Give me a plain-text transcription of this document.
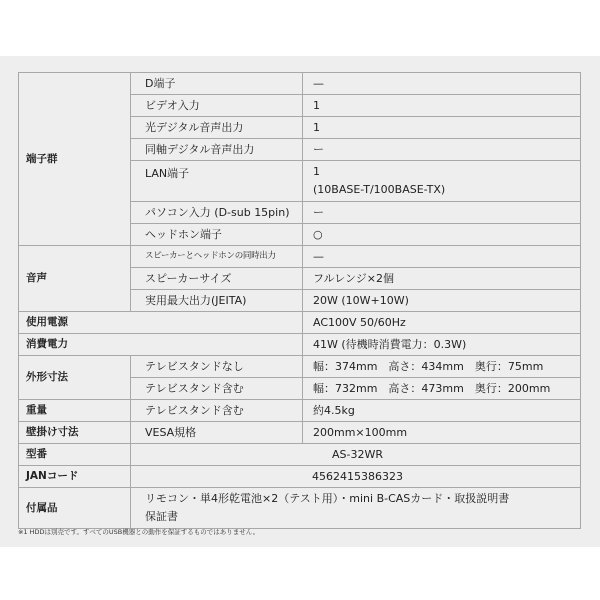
端子群	D端子	—
	ビデオ入力	1
	光デジタル音声出力	1
	同軸デジタル音声出力	ー
	LAN端子	1
(10BASE-T/100BASE-TX)

	パソコン入力 (D-sub 15pin)	ー
	ヘッドホン端子	○
音声	スピーカーとヘッドホンの同時出力	—
	スピーカーサイズ	フルレンジ×2個
	実用最大出力(JEITA)	20W (10W+10W)
使用電源		AC100V 50/60Hz
消費電力		41W (待機時消費電力：0.3W)
外形寸法	テレビスタンドなし	幅：374mm　高さ：434mm　奥行：75mm
	テレビスタンド含む	幅：732mm　高さ：473mm　奥行：200mm
重量	テレビスタンド含む	約4.5kg
壁掛け寸法	VESA規格	200mm×100mm
型番	AS-32WR	
JANコード	4562415386323	
付属品	リモコン・単4形乾電池×2（テスト用）・mini B-CASカード・取扱説明書
保証書	
※1 HDDは別売です。すべてのUSB機器との動作を保証するものではありません。
